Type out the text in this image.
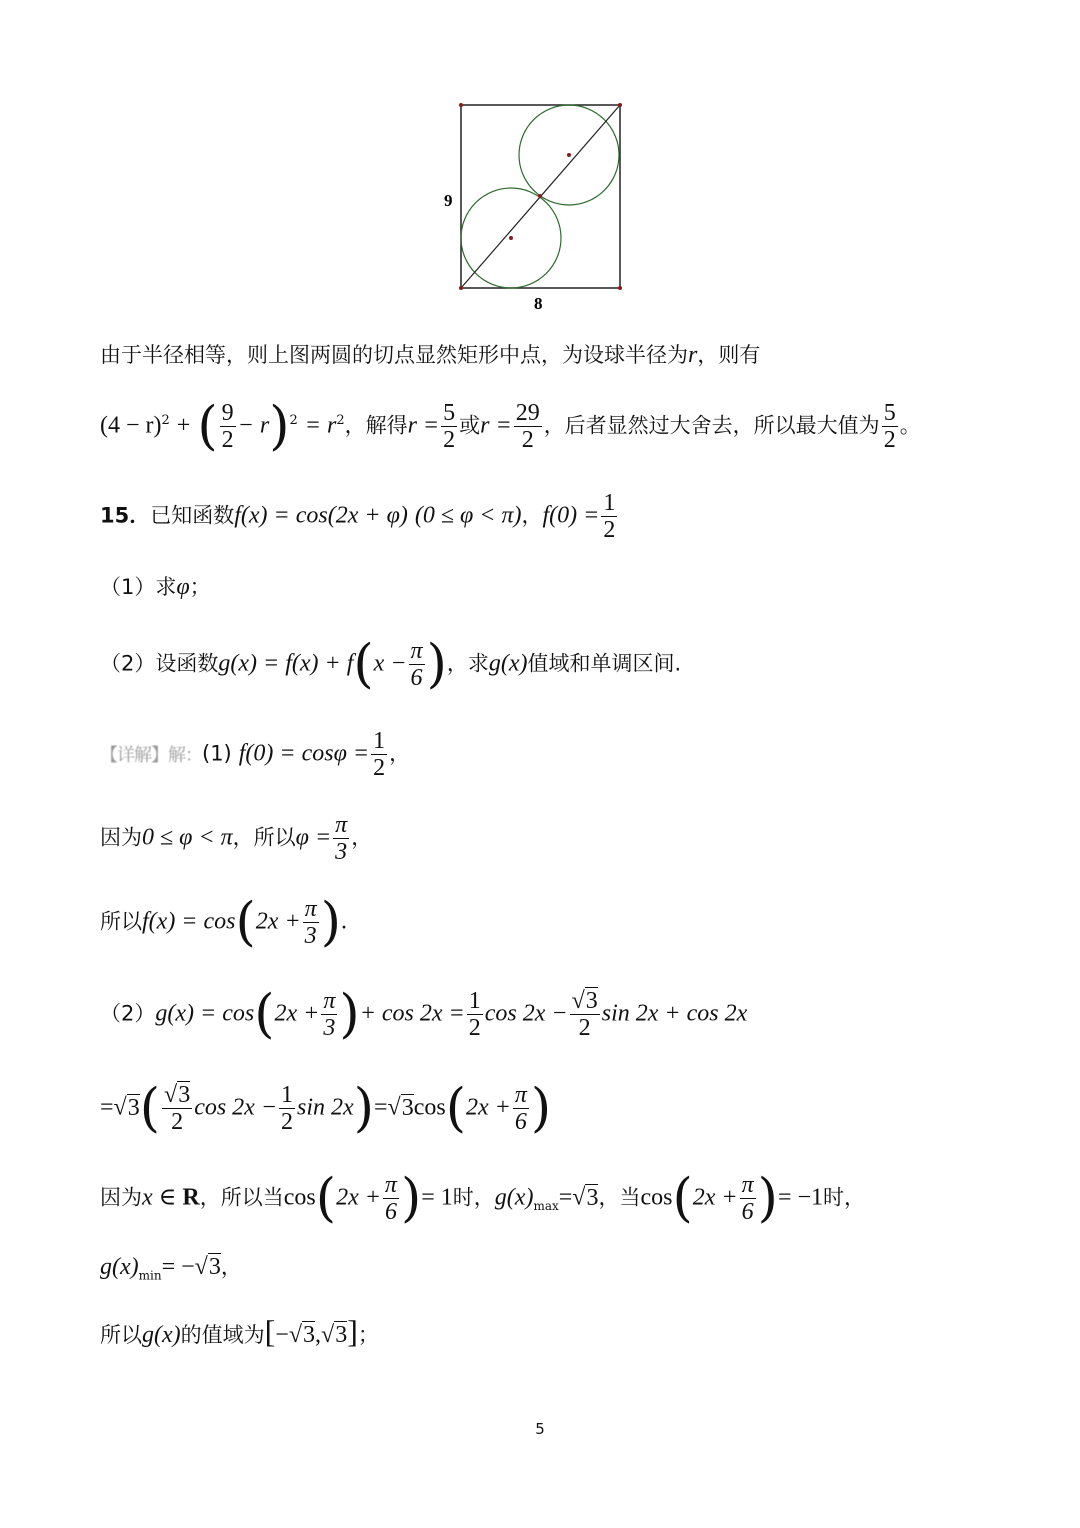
9
8
由于半径相等，则上图两圆的切点显然矩形中点，为设球半径为r，则有
$(4 - r)^2$ + ( $\frac{9}{2} - r)^2 = r^2$，解得$r = \frac{5}{2}$ 或$r = \frac{29}{2}$ ，后者显然过大舍去，所以最大值为 $\frac{5}{2}$ 。
15．已知函数f(x) = cos(2x + φ) (0 ≤ φ < π)，$f(0) = \frac{1}{2}$
（1）求φ；
（2）设函数$g(x) = f(x) + f(x - \frac{\pi}{6}$ )，求g(x)值域和单调区间.
【详解】解：(1) $f(0) = \cos\varphi = \frac{1}{2}$ ，
因为0 ≤ φ < π，所以$\varphi = \frac{\pi}{3}$ ，
所以$f(x) = \cos(2x + \frac{\pi}{3}$ ).
$(2)g(x) = \cos(2x + \frac{\pi}{3}$ )+ $\cos 2x = \frac{1}{2}$ $\cos 2x - \frac{√3}{2}$ sin 2x + cos 2x
$=√3( \frac{√3}{2}$ $\cos 2x - \frac{1}{2}$ $\sin 2x)=√3\cos(2x + \frac{\pi}{6}$ )
因为x ∈ R，所以当$\cos(2x + \frac{\pi}{6}$ )= 1时，$g(x)_{max}=√3$，当$\cos(2x + \frac{\pi}{6}$ )= −1时，
$g(x)_{min}= -√3$，
所以g(x)的值域为[−√3,√3]；
5
